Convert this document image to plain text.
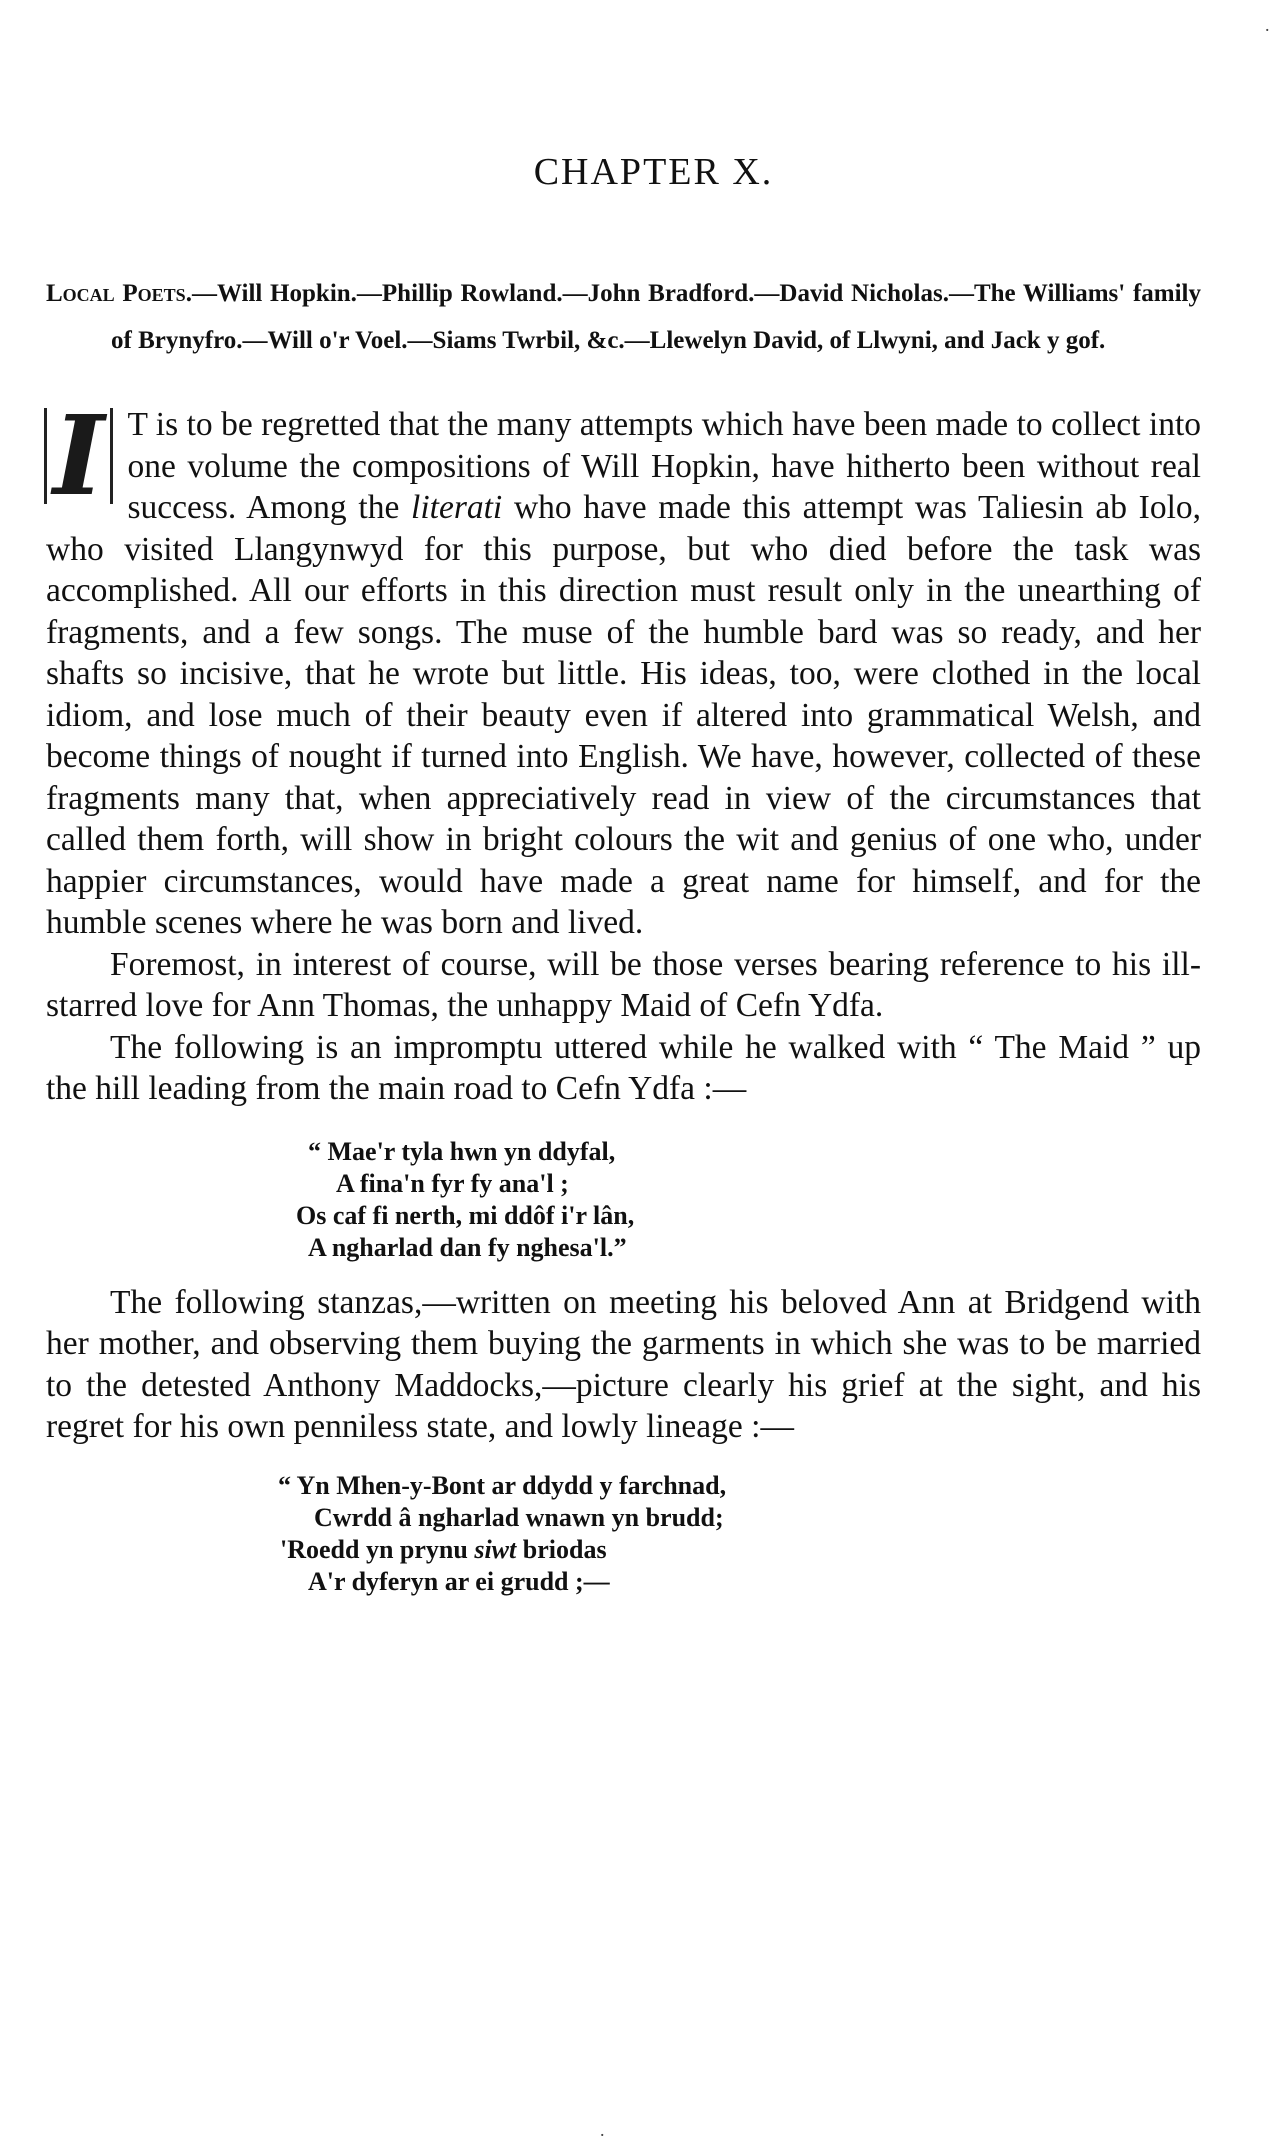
CHAPTER X.

Local Poets.—Will Hopkin.—Phillip Rowland.—John Bradford.—David Nicholas.—The Williams' family of Brynyfro.—Will o'r Voel.—Siams Twrbil, &c.—Llewelyn David, of Llwyni, and Jack y gof.

I T is to be regretted that the many attempts which have been made to collect into one volume the compositions of Will Hopkin, have hitherto been without real success. Among the literati who have made this attempt was Taliesin ab Iolo, who visited Llangynwyd for this purpose, but who died before the task was accomplished. All our efforts in this direction must result only in the unearthing of fragments, and a few songs. The muse of the humble bard was so ready, and her shafts so incisive, that he wrote but little. His ideas, too, were clothed in the local idiom, and lose much of their beauty even if altered into grammatical Welsh, and become things of nought if turned into English. We have, however, collected of these fragments many that, when appreciatively read in view of the circumstances that called them forth, will show in bright colours the wit and genius of one who, under happier circumstances, would have made a great name for himself, and for the humble scenes where he was born and lived.

Foremost, in interest of course, will be those verses bearing reference to his ill-starred love for Ann Thomas, the unhappy Maid of Cefn Ydfa.

The following is an impromptu uttered while he walked with “ The Maid ” up the hill leading from the main road to Cefn Ydfa :—

“ Mae'r tyla hwn yn ddyfal,
A fina'n fyr fy ana'l ;
Os caf fi nerth, mi ddôf i'r lân,
A ngharlad dan fy nghesa'l.”

The following stanzas,—written on meeting his beloved Ann at Bridgend with her mother, and observing them buying the garments in which she was to be married to the detested Anthony Maddocks,—picture clearly his grief at the sight, and his regret for his own penniless state, and lowly lineage :—

“ Yn Mhen-y-Bont ar ddydd y farchnad,
Cwrdd â ngharlad wnawn yn brudd;
'Roedd yn prynu siwt briodas
A'r dyferyn ar ei grudd ;—
.
.
